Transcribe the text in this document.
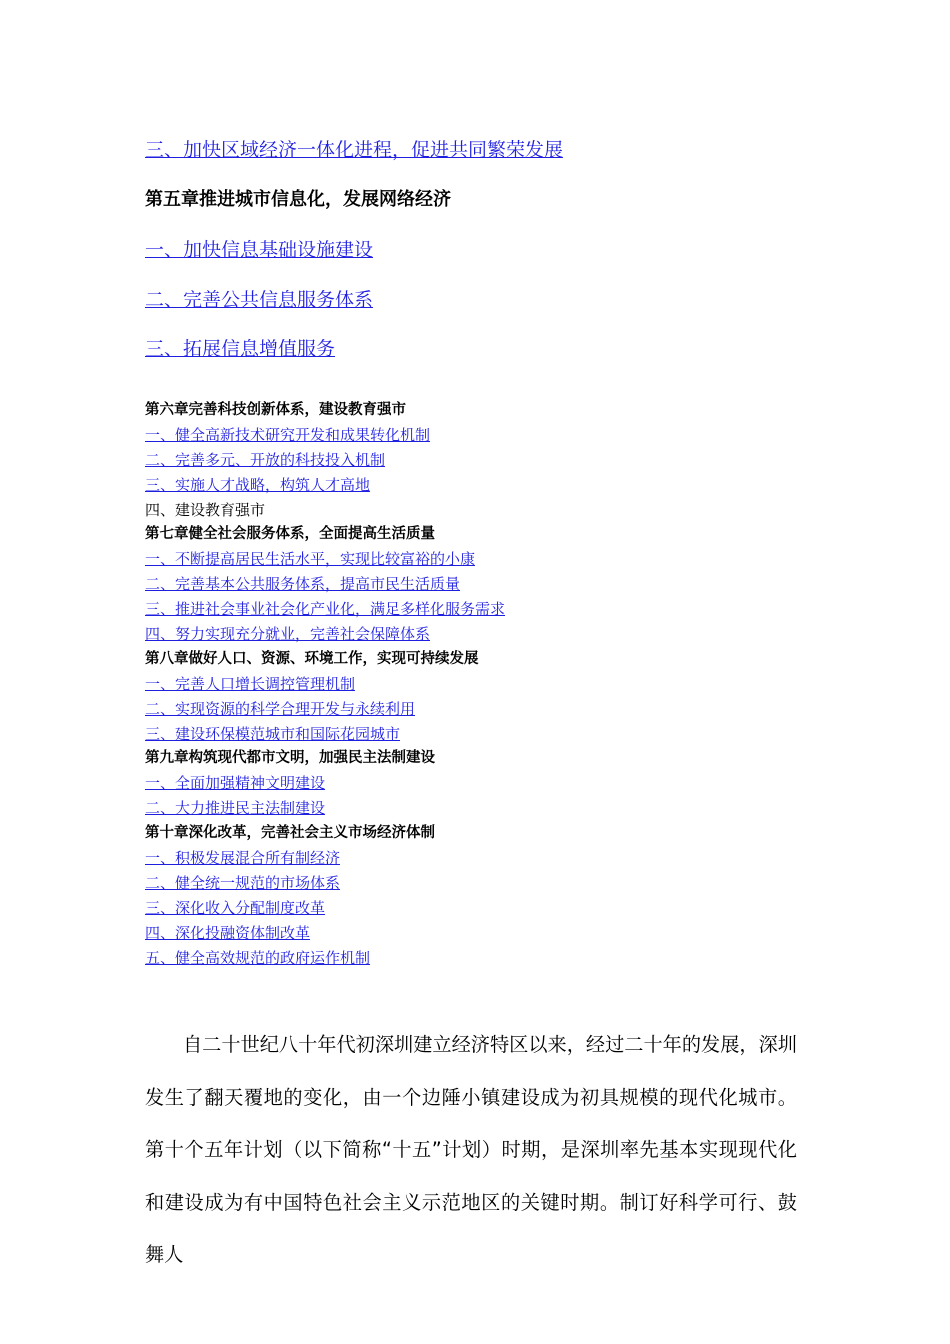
三、加快区域经济一体化进程，促进共同繁荣发展
第五章推进城市信息化，发展网络经济
一、加快信息基础设施建设
二、完善公共信息服务体系
三、拓展信息增值服务
第六章完善科技创新体系，建设教育强市
一、健全高新技术研究开发和成果转化机制
二、完善多元、开放的科技投入机制
三、实施人才战略，构筑人才高地
四、建设教育强市
第七章健全社会服务体系，全面提高生活质量
一、不断提高居民生活水平，实现比较富裕的小康
二、完善基本公共服务体系，提高市民生活质量
三、推进社会事业社会化产业化，满足多样化服务需求
四、努力实现充分就业，完善社会保障体系
第八章做好人口、资源、环境工作，实现可持续发展
一、完善人口增长调控管理机制
二、实现资源的科学合理开发与永续利用
三、建设环保模范城市和国际花园城市
第九章构筑现代都市文明，加强民主法制建设
一、全面加强精神文明建设
二、大力推进民主法制建设
第十章深化改革，完善社会主义市场经济体制
一、积极发展混合所有制经济
二、健全统一规范的市场体系
三、深化收入分配制度改革
四、深化投融资体制改革
五、健全高效规范的政府运作机制

自二十世纪八十年代初深圳建立经济特区以来，经过二十年的发展，深圳发生了翻天覆地的变化，由一个边陲小镇建设成为初具规模的现代化城市。第十个五年计划（以下简称“十五”计划）时期，是深圳率先基本实现现代化和建设成为有中国特色社会主义示范地区的关键时期。制订好科学可行、鼓舞人
